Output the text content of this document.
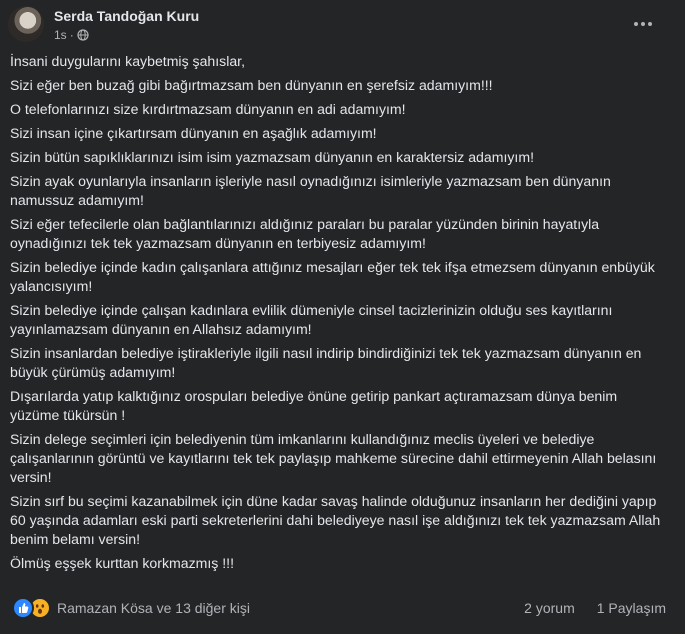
Serda Tandoğan Kuru
1s ·

İnsani duygularını kaybetmiş şahıslar,

Sizi eğer ben buzağ gibi bağırtmazsam ben dünyanın en şerefsiz adamıyım!!!

O telefonlarınızı size kırdırtmazsam dünyanın en adi adamıyım!

Sizi insan içine çıkartırsam dünyanın en aşağlık adamıyım!

Sizin bütün sapıklıklarınızı isim isim yazmazsam dünyanın en karaktersiz adamıyım!

Sizin ayak oyunlarıyla insanların işleriyle nasıl oynadığınızı isimleriyle yazmazsam ben dünyanın namussuz adamıyım!

Sizi eğer tefecilerle olan bağlantılarınızı aldığınız paraları bu paralar yüzünden birinin hayatıyla oynadığınızı tek tek yazmazsam dünyanın en terbiyesiz adamıyım!

Sizin belediye içinde kadın çalışanlara attığınız mesajları eğer tek tek ifşa etmezsem dünyanın enbüyük yalancısıyım!

Sizin belediye içinde çalışan kadınlara evlilik dümeniyle cinsel tacizlerinizin olduğu ses kayıtlarını yayınlamazsam dünyanın en Allahsız adamıyım!

Sizin insanlardan belediye iştirakleriyle ilgili nasıl indirip bindirdiğinizi tek tek yazmazsam dünyanın en büyük çürümüş adamıyım!

Dışarılarda yatıp kalktığınız orospuları belediye önüne getirip pankart açtıramazsam dünya benim yüzüme tükürsün !

Sizin delege seçimleri için belediyenin tüm imkanlarını kullandığınız meclis üyeleri ve belediye çalışanlarının görüntü ve kayıtlarını tek tek paylaşıp mahkeme sürecine dahil ettirmeyenin Allah belasını versin!

Sizin sırf bu seçimi kazanabilmek için düne kadar savaş halinde olduğunuz insanların her dediğini yapıp 60 yaşında adamları eski parti sekreterlerini dahi belediyeye nasıl işe aldığınızı tek tek yazmazsam Allah benim belamı versin!

Ölmüş eşşek kurttan korkmazmış !!!

Ramazan Kösa ve 13 diğer kişi	2 yorum 1 Paylaşım
